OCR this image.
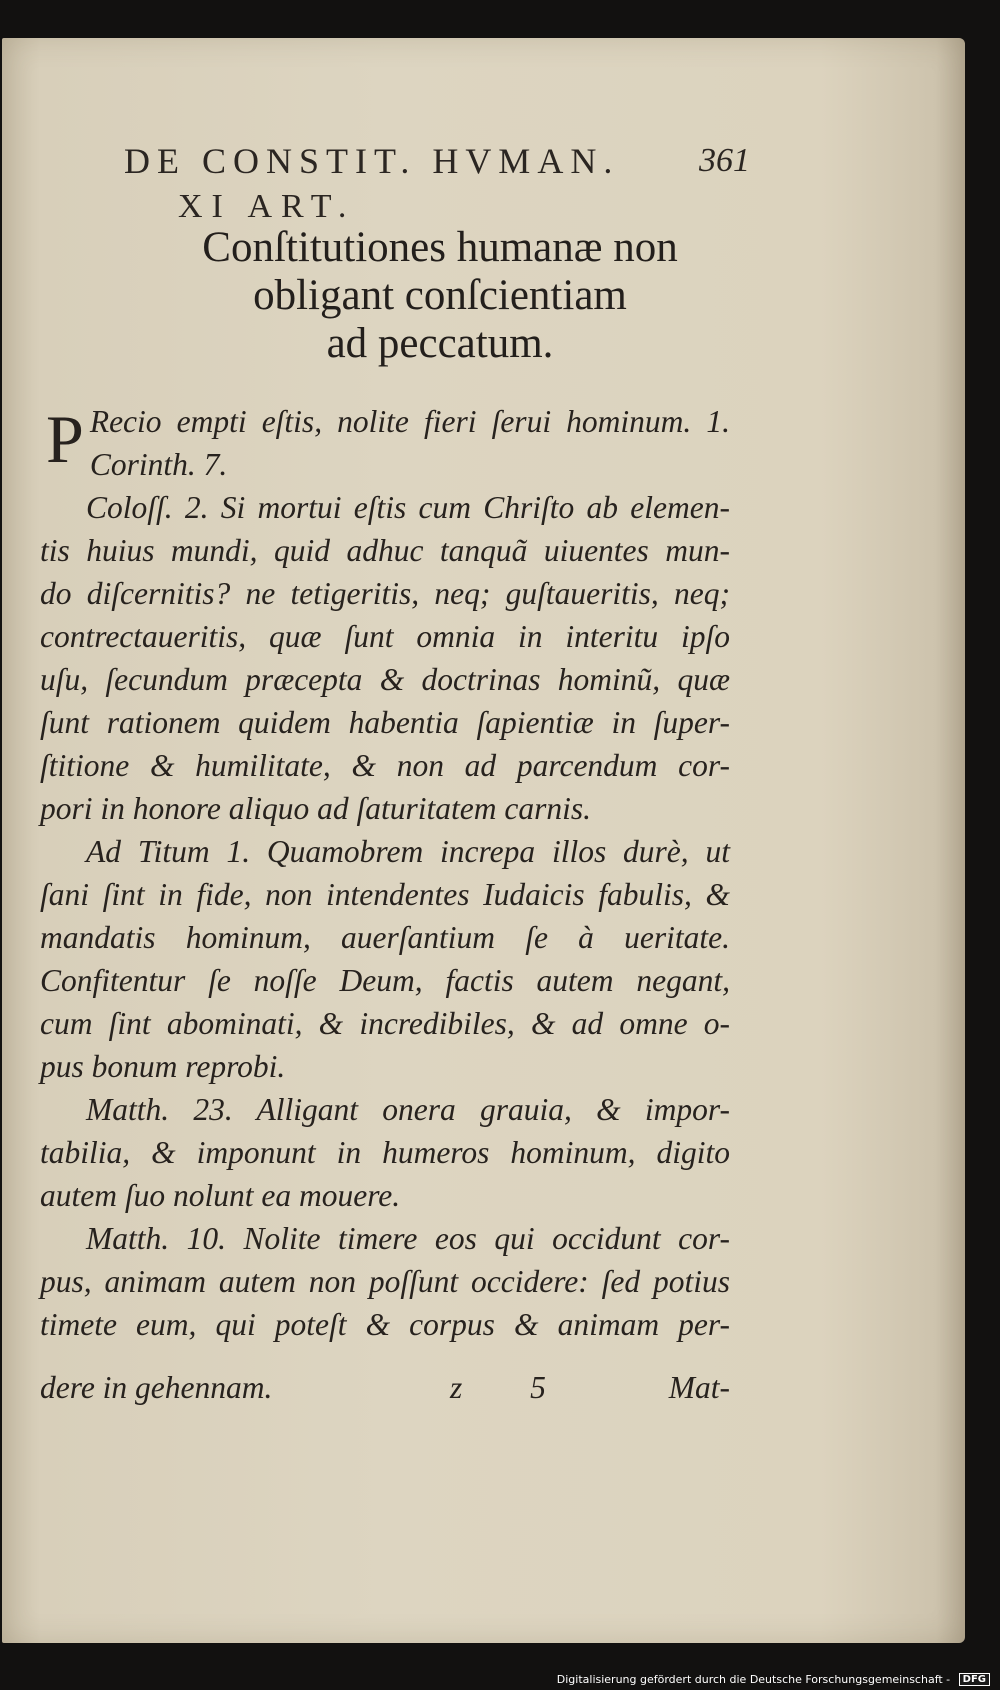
DE CONSTIT. HVMAN. 361
XI ART.
Conſtitutiones humanæ non
obligant conſcientiam
ad peccatum.

P Recio empti eſtis, nolite fieri ſerui hominum. 1.
Corinth. 7.

Coloſſ. 2. Si mortui eſtis cum Chriſto ab elemen-

tis huius mundi, quid adhuc tanquã uiuentes mun-
do diſcernitis? ne tetigeritis, neq; guſtaueritis, neq;
contrectaueritis, quæ ſunt omnia in interitu ipſo
uſu, ſecundum præcepta & doctrinas hominũ, quæ
ſunt rationem quidem habentia ſapientiæ in ſuper-
ſtitione & humilitate, & non ad parcendum cor-
pori in honore aliquo ad ſaturitatem carnis.

Ad Titum 1. Quamobrem increpa illos durè, ut

ſani ſint in fide, non intendentes Iudaicis fabulis, &
mandatis hominum, auerſantium ſe à ueritate.
Confitentur ſe noſſe Deum, factis autem negant,
cum ſint abominati, & incredibiles, & ad omne o-
pus bonum reprobi.

Matth. 23. Alligant onera grauia, & impor-

tabilia, & imponunt in humeros hominum, digito
autem ſuo nolunt ea mouere.

Matth. 10. Nolite timere eos qui occidunt cor-

pus, animam autem non poſſunt occidere: ſed potius
timete eum, qui poteſt & corpus & animam per-

dere in gehennam.	z 5	Mat-
Digitalisierung gefördert durch die Deutsche Forschungsgemeinschaft - DFG
